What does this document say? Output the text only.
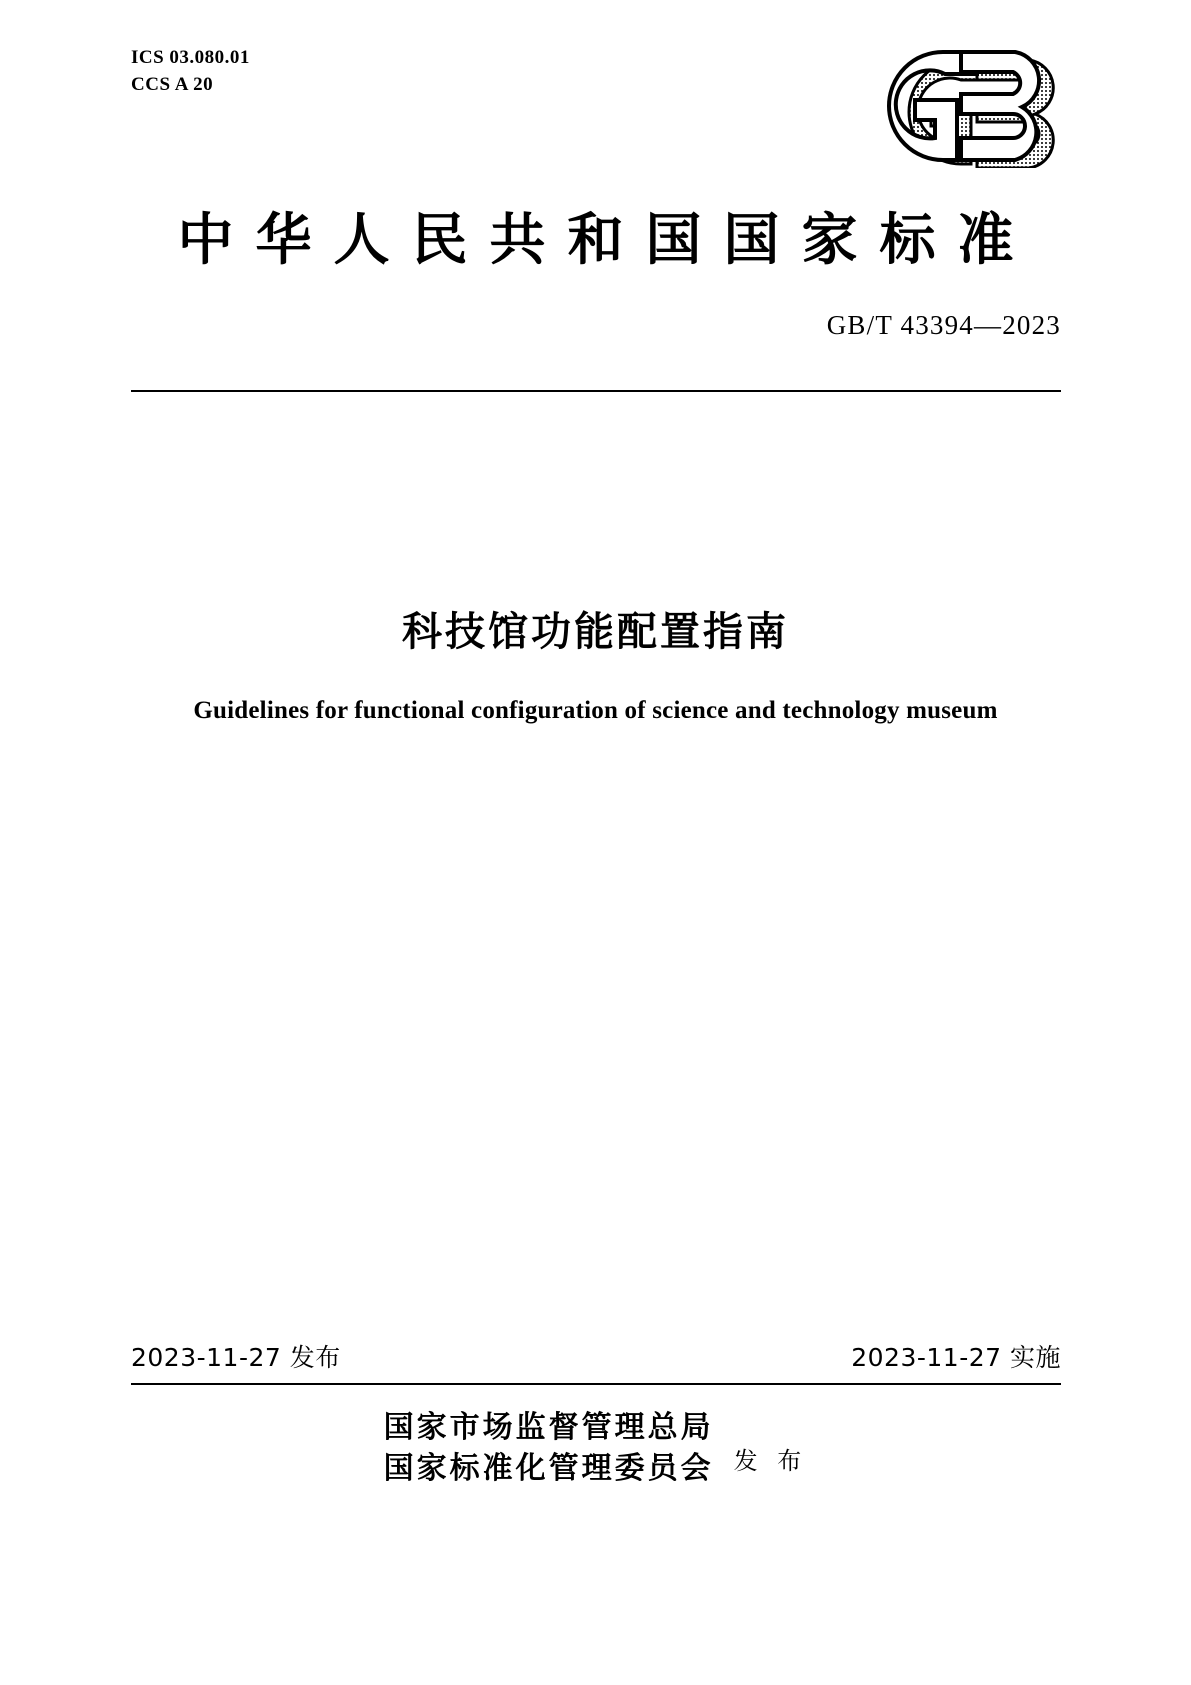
ICS 03.080.01
CCS A 20
中华人民共和国国家标准
GB/T 43394—2023
科技馆功能配置指南
Guidelines for functional configuration of science and technology museum
2023-11-27 发布	2023-11-27 实施
国家市场监督管理总局
国家标准化管理委员会 发 布
